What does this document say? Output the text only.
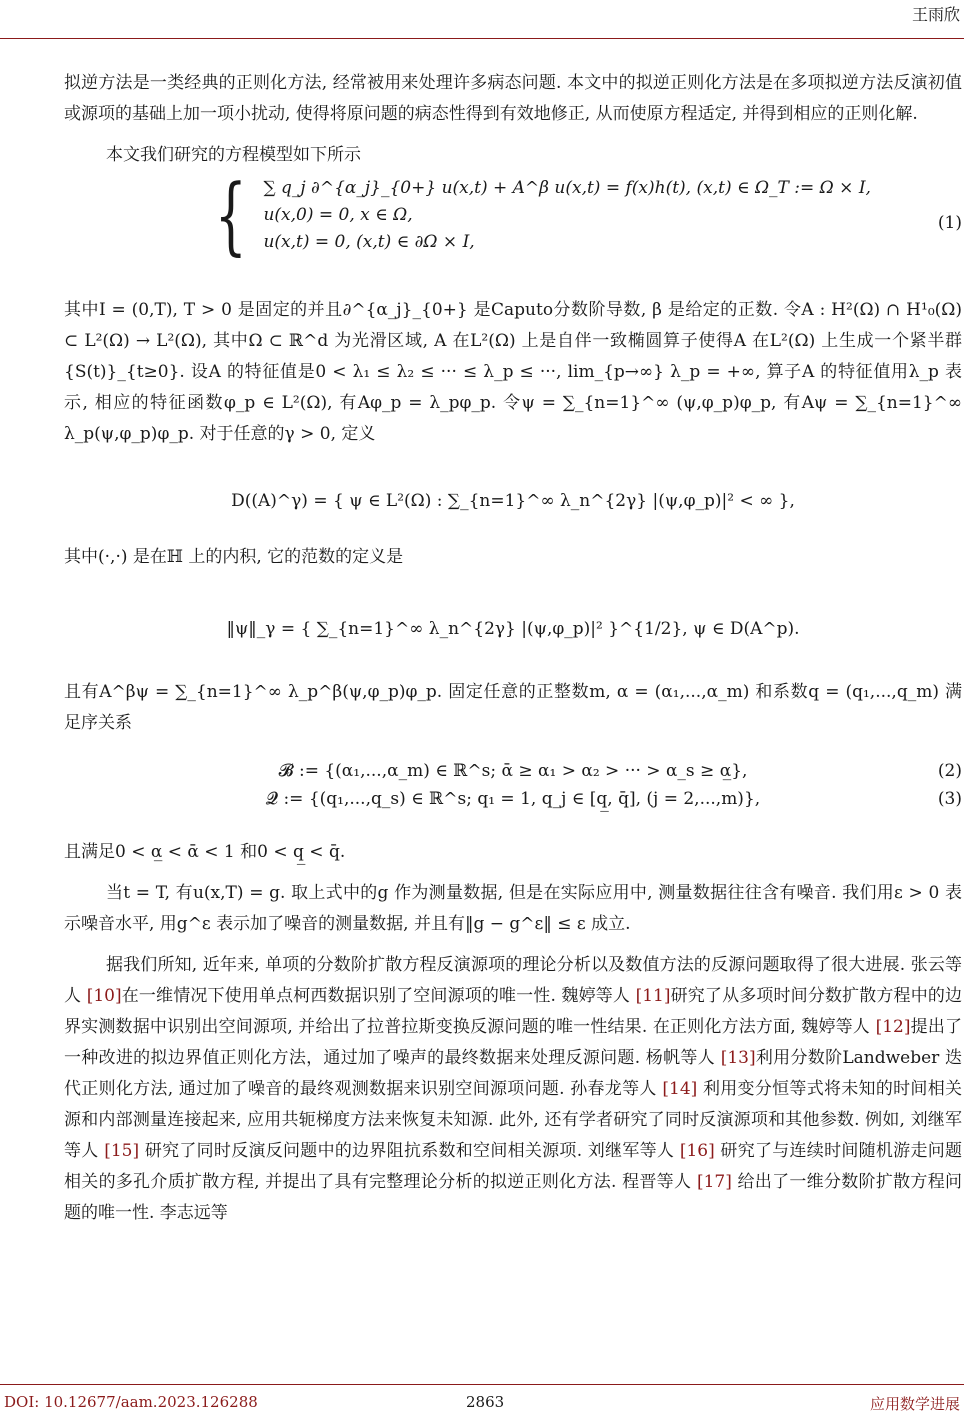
王雨欣

拟逆方法是一类经典的正则化方法, 经常被用来处理许多病态问题. 本文中的拟逆正则化方法是在多项拟逆方法反演初值或源项的基础上加一项小扰动, 使得将原问题的病态性得到有效地修正, 从而使原方程适定, 并得到相应的正则化解.

本文我们研究的方程模型如下所示

{ ∑ q_j ∂^{α_j}_{0+} u(x,t) + A^β u(x,t) = f(x)h(t), (x,t) ∈ Ω_T := Ω × I,
u(x,0) = 0, x ∈ Ω,
u(x,t) = 0, (x,t) ∈ ∂Ω × I,
(1)

其中I = (0,T), T > 0 是固定的并且∂^{α_j}_{0+} 是Caputo分数阶导数, β 是给定的正数. 令A : H²(Ω) ∩ H¹₀(Ω) ⊂ L²(Ω) → L²(Ω), 其中Ω ⊂ ℝ^d 为光滑区域, A 在L²(Ω) 上是自伴一致椭圆算子使得A 在L²(Ω) 上生成一个紧半群{S(t)}_{t≥0}. 设A 的特征值是0 < λ₁ ≤ λ₂ ≤ ··· ≤ λ_p ≤ ···, lim_{p→∞} λ_p = +∞, 算子A 的特征值用λ_p 表示, 相应的特征函数φ_p ∈ L²(Ω), 有Aφ_p = λ_pφ_p. 令ψ = ∑_{n=1}^∞ (ψ,φ_p)φ_p, 有Aψ = ∑_{n=1}^∞ λ_p(ψ,φ_p)φ_p. 对于任意的γ > 0, 定义

D((A)^γ) = { ψ ∈ L²(Ω) : ∑_{n=1}^∞ λ_n^{2γ} |(ψ,φ_p)|² < ∞ },

其中(·,·) 是在ℍ 上的内积, 它的范数的定义是

‖ψ‖_γ = { ∑_{n=1}^∞ λ_n^{2γ} |(ψ,φ_p)|² }^{1/2}, ψ ∈ D(A^p).

且有A^βψ = ∑_{n=1}^∞ λ_p^β(ψ,φ_p)φ_p. 固定任意的正整数m, α = (α₁,...,α_m) 和系数q = (q₁,...,q_m) 满足序关系

𝓑 := {(α₁,...,α_m) ∈ ℝ^s; ᾱ ≥ α₁ > α₂ > ··· > α_s ≥ α̲},	(2)
𝓠 := {(q₁,...,q_s) ∈ ℝ^s; q₁ = 1, q_j ∈ [q̲, q̄], (j = 2,...,m)},	(3)

且满足0 < α̲ < ᾱ < 1 和0 < q̲ < q̄.

当t = T, 有u(x,T) = g. 取上式中的g 作为测量数据, 但是在实际应用中, 测量数据往往含有噪音. 我们用ε > 0 表示噪音水平, 用g^ε 表示加了噪音的测量数据, 并且有‖g − g^ε‖ ≤ ε 成立.

据我们所知, 近年来, 单项的分数阶扩散方程反演源项的理论分析以及数值方法的反源问题取得了很大进展. 张云等人 [10]在一维情况下使用单点柯西数据识别了空间源项的唯一性. 魏婷等人 [11]研究了从多项时间分数扩散方程中的边界实测数据中识别出空间源项, 并给出了拉普拉斯变换反源问题的唯一性结果. 在正则化方法方面, 魏婷等人 [12]提出了一种改进的拟边界值正则化方法，通过加了噪声的最终数据来处理反源问题. 杨帆等人 [13]利用分数阶Landweber 迭代正则化方法, 通过加了噪音的最终观测数据来识别空间源项问题. 孙春龙等人 [14] 利用变分恒等式将未知的时间相关源和内部测量连接起来, 应用共轭梯度方法来恢复未知源. 此外, 还有学者研究了同时反演源项和其他参数. 例如, 刘继军等人 [15] 研究了同时反演反问题中的边界阻抗系数和空间相关源项. 刘继军等人 [16] 研究了与连续时间随机游走问题相关的多孔介质扩散方程, 并提出了具有完整理论分析的拟逆正则化方法. 程晋等人 [17] 给出了一维分数阶扩散方程问题的唯一性. 李志远等

DOI: 10.12677/aam.2023.126288	2863	应用数学进展
